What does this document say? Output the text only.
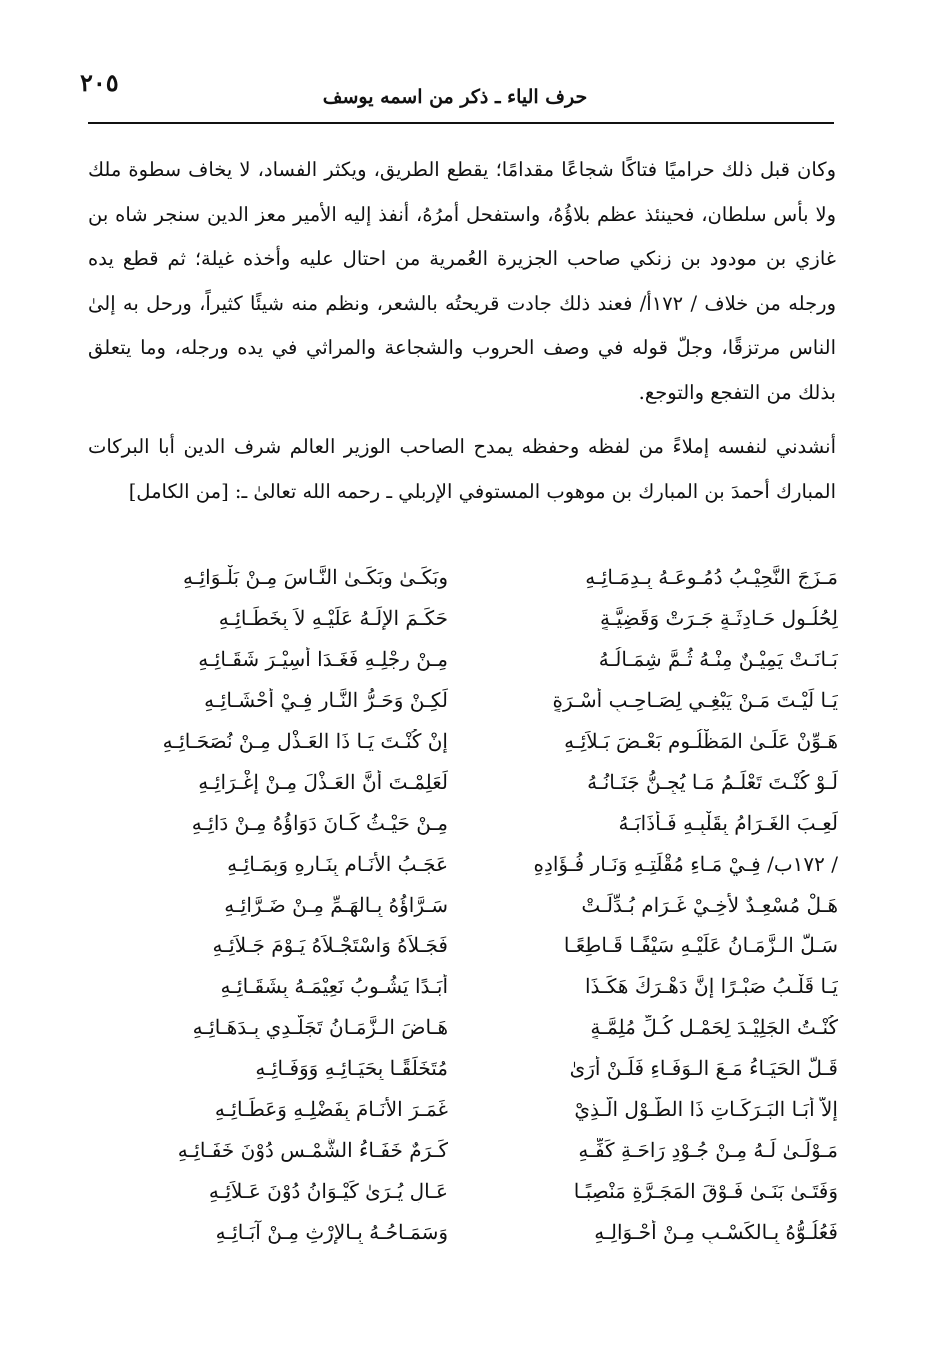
٢٠٥	حرف الياء ـ ذكر من اسمه يوسف

وكان قبل ذلك حراميًا فتاكًا شجاعًا مقدامًا؛ يقطع الطريق، ويكثر الفساد، لا يخاف سطوة ملك ولا بأس سلطان، فحينئذ عظم بلاؤُهُ، واستفحل أمرُهُ، أنفذ إليه الأمير معز الدين سنجر شاه بن غازي بن مودود بن زنكي صاحب الجزيرة العُمرية من احتال عليه وأخذه غيلة؛ ثم قطع يده ورجله من خلاف / ١٧٢أ/ فعند ذلك جادت قريحتُه بالشعر، ونظم منه شيئًا كثيراً، ورحل به إلىٰ الناس مرتزقًا، وجلّ قوله في وصف الحروب والشجاعة والمراثي في يده ورجله، وما يتعلق بذلك من التفجع والتوجع.

أنشدني لنفسه إملاءً من لفظه وحفظه يمدح الصاحب الوزير العالم شرف الدين أبا البركات المبارك أحمدَ بن المبارك بن موهوب المستوفي الإربلي ـ رحمه الله تعالىٰ ـ: [من الكامل]

مَـزَجَ النَّحِيْـبُ دُمُـوعَـهُ بِـدِمَـائِـهِ
وبَكَـىٰ وبَكَـىٰ النَّـاسَ مِـنْ بَلْـوَائِـهِ
لِحُلُـولِ حَـادِثَـةٍ جَـرَتْ وَقَضِيَّـةٍ
حَكَـمَ الإلَـهُ عَلَيْـهِ لاَ بِخَطَـائِـهِ
بَـانَـتْ يَمِيْـنٌ مِنْـهُ ثُـمَّ شِمَـالُـهُ
مِـنْ رِجْلِـهِ فَغَـدَا أسِيْـرَ شَقَـائِـهِ
يَـا لَيْـتَ مَـنْ يَبْغِـي لِصَـاحِـبِ أُسْـرَةٍ
لَكِـنْ وَحَـرُّ النَّـارِ فِـيْ أحْشَـائِـهِ
هَـوِّنْ عَلَـىٰ المَظْلُـومِ بَعْـضَ بَـلاَئِـهِ
إنْ كُنْـتَ يَـا ذَا العَـذْلِ مِـنْ نُصَحَـائِـهِ
لَـوْ كُنْـتَ تَعْلَـمُ مَـا يُجِـنُّ جَنَـانُـهُ
لَعَلِمْـتَ أنَّ العَـذْلَ مِـنْ إغْـرَائِـهِ
لَعِـبَ الغَـرَامُ بِقَلْبِـهِ فَـأذَابَـهُ
مِـنْ حَيْـثُ كَـانَ دَوَاؤُهُ مِـنْ دَائِـهِ
/ ١٧٢ب/ فِـيْ مَـاءِ مُقْلَتِـهِ وَنَـارِ فُـؤَادِهِ
عَجَـبُ الأنَـامِ بِنَـارِهِ وَبِمَـائِـهِ
هَـلْ مُسْعِـدٌ لأخِـيْ غَـرَامٍ بُـدِّلَـتْ
سَـرَّاؤُهُ بِـالهَـمِّ مِـنْ ضَـرَّائِـهِ
سَـلَّ الـزَّمَـانُ عَلَيْـهِ سَيْفًـا قَـاطِعًـا
فَجَـلاَهُ وَاسْتَجْـلاَهُ يَـوْمَ جَـلاَئِـهِ
يَـا قَلْـبُ صَبْـرًا إنَّ دَهْـرَكَ هَكَـذَا
أبَـدًا يَشُـوبُ نَعِيْمَـهُ بِشَقَـائِـهِ
كُنْـتُ الجَلِيْـدَ لِحَمْـلِ كُـلِّ مُلِمَّـةٍ
هَـاضَ الـزَّمَـانُ تَجَلُّـدِي بِـدَهَـائِـهِ
قَـلَّ الحَيَـاءُ مَـعَ الـوَفَـاءِ فَلَـنْ أرَىٰ
مُتَخَلِّقًـا بِحَيَـائِـهِ وَوَفَـائِـهِ
إلاَّ أبَـا البَـرَكَـاتِ ذَا الطَّـوْلِ الَّـذِيْ
غَمَـرَ الأنَـامَ بِفَضْلِـهِ وَعَطَـائِـهِ
مَـوْلَـىٰ لَـهُ مِـنْ جُـوْدِ رَاحَـةِ كَفِّـهِ
كَـرَمٌ خَفَـاءُ الشَّمْـسِ دُوْنَ خَفَـائِـهِ
وَفَتَـىٰ بَنَـىٰ فَـوْقَ المَجَـرَّةِ مَنْصِبًـا
عَـالٍ يُـرَىٰ كَيْـوَانُ دُوْنَ عَـلاَئِـهِ
فَعُلُـوُّهُ بِـالكَسْـبِ مِـنْ أحْـوَالِـهِ
وَسَمَـاحُـهُ بِـالإرْثِ مِـنْ آبَـائِـهِ
